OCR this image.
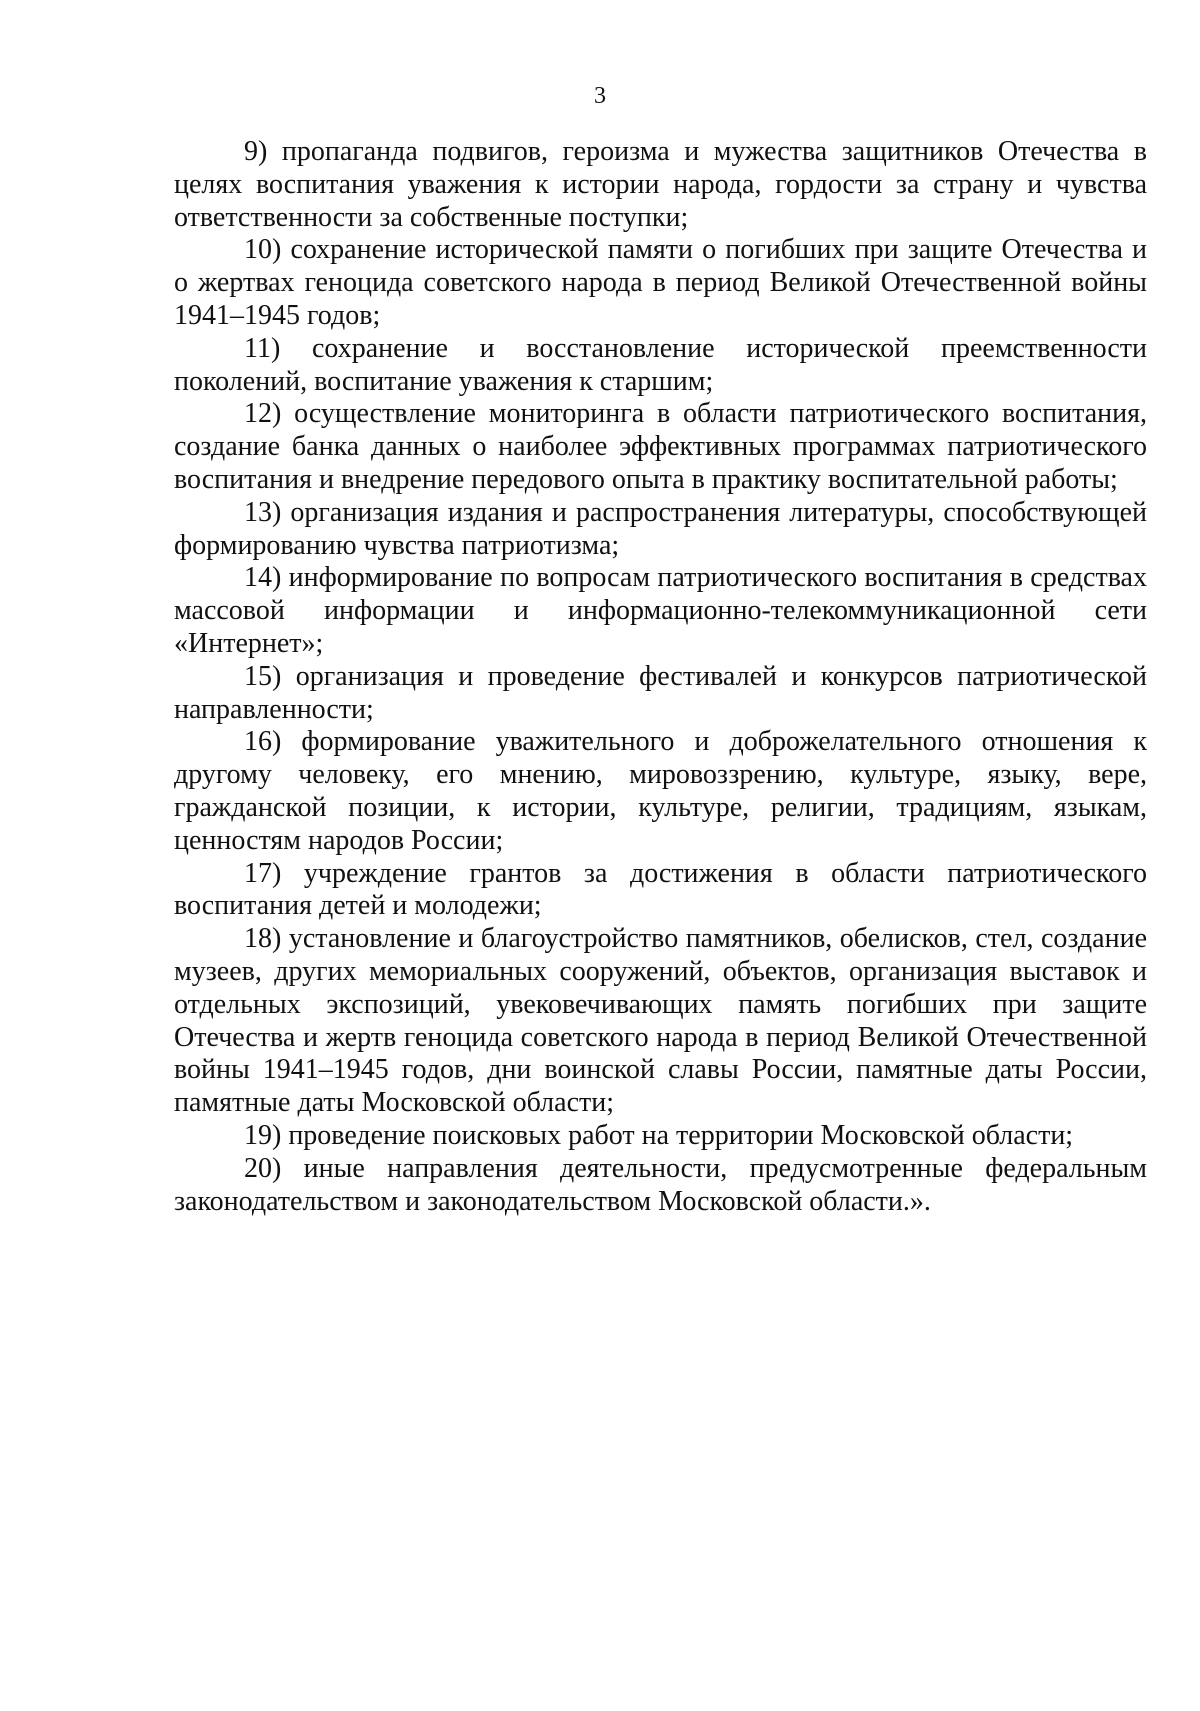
3

9) пропаганда подвигов, героизма и мужества защитников Отечества в целях воспитания уважения к истории народа, гордости за страну и чувства ответственности за собственные поступки;

10) сохранение исторической памяти о погибших при защите Отечества и о жертвах геноцида советского народа в период Великой Отечественной войны 1941–1945 годов;

11) сохранение и восстановление исторической преемственности поколений, воспитание уважения к старшим;

12) осуществление мониторинга в области патриотического воспитания, создание банка данных о наиболее эффективных программах патриотического воспитания и внедрение передового опыта в практику воспитательной работы;

13) организация издания и распространения литературы, способствующей формированию чувства патриотизма;

14) информирование по вопросам патриотического воспитания в средствах массовой информации и информационно-телекоммуникационной сети «Интернет»;

15) организация и проведение фестивалей и конкурсов патриотической направленности;

16) формирование уважительного и доброжелательного отношения к другому человеку, его мнению, мировоззрению, культуре, языку, вере, гражданской позиции, к истории, культуре, религии, традициям, языкам, ценностям народов России;

17) учреждение грантов за достижения в области патриотического воспитания детей и молодежи;

18) установление и благоустройство памятников, обелисков, стел, создание музеев, других мемориальных сооружений, объектов, организация выставок и отдельных экспозиций, увековечивающих память погибших при защите Отечества и жертв геноцида советского народа в период Великой Отечественной войны 1941–1945 годов, дни воинской славы России, памятные даты России, памятные даты Московской области;

19) проведение поисковых работ на территории Московской области;

20) иные направления деятельности, предусмотренные федеральным законодательством и законодательством Московской области.».
